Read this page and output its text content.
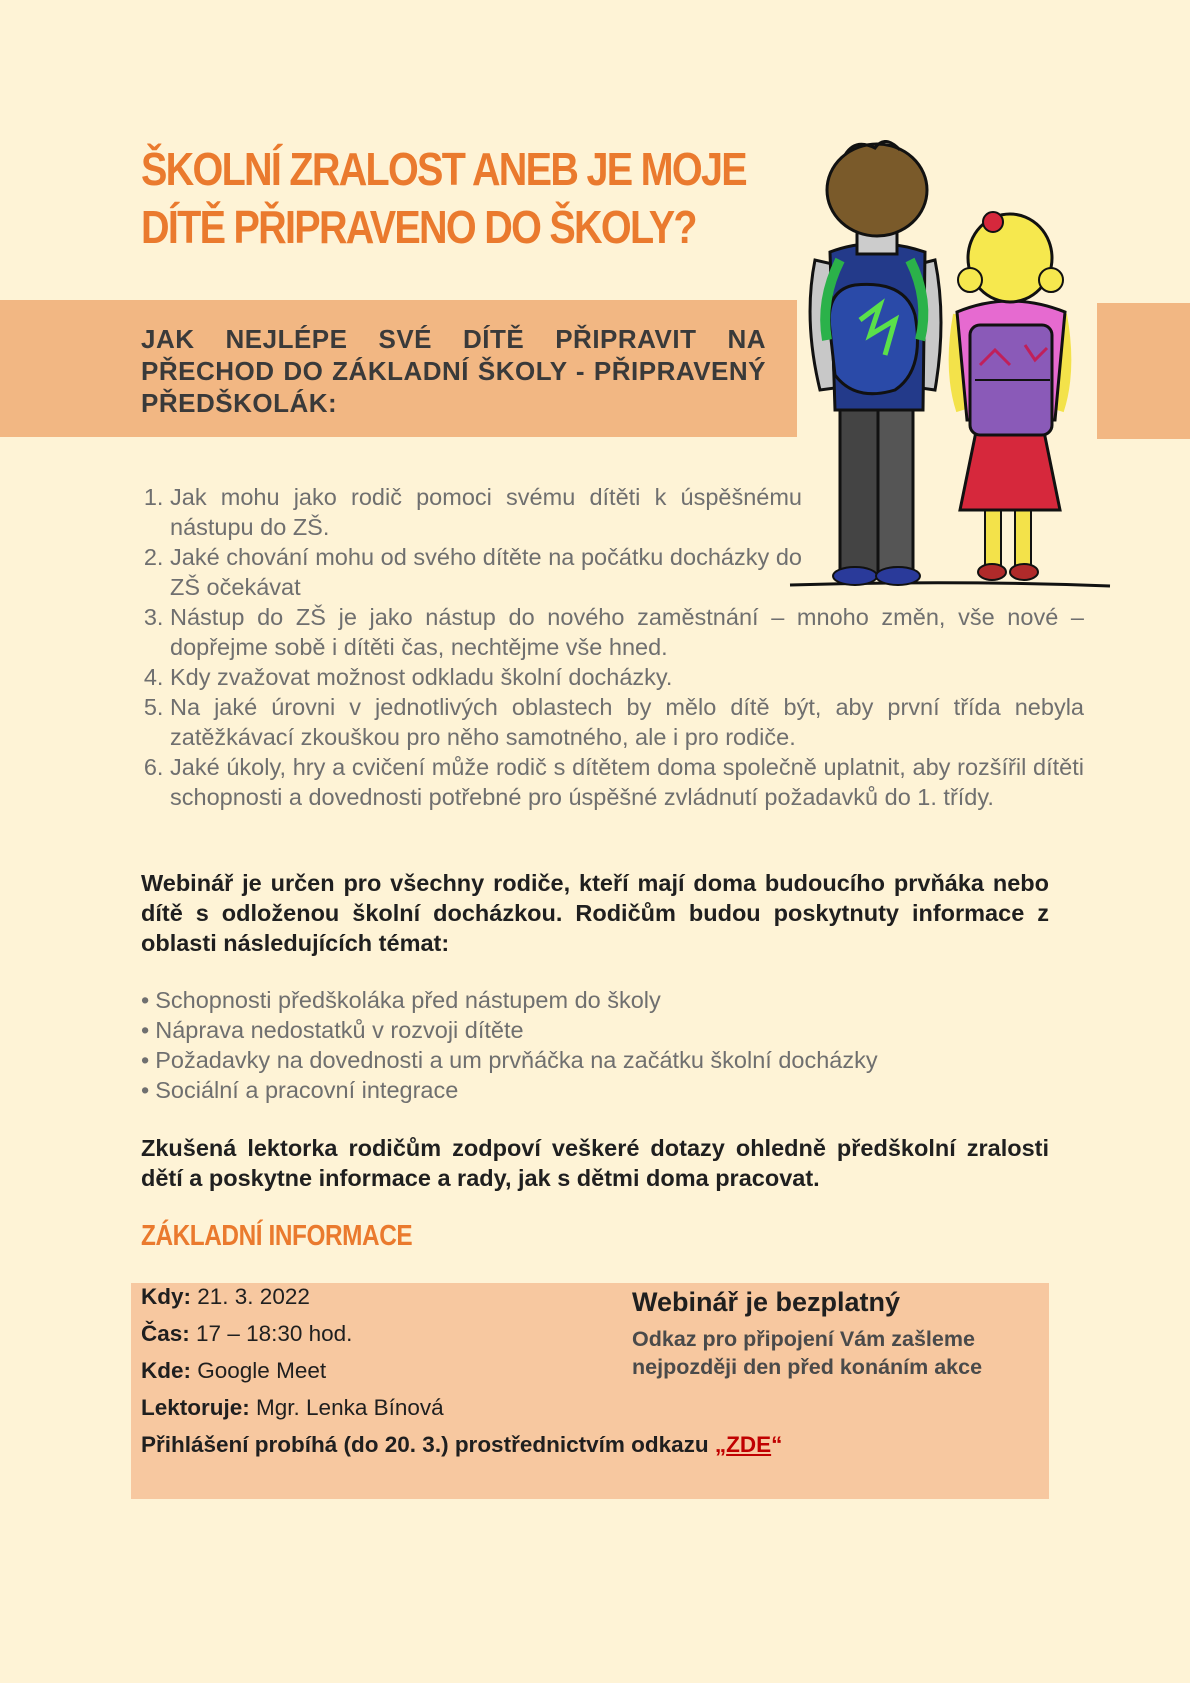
ŠKOLNÍ ZRALOST ANEB JE MOJE
DÍTĚ PŘIPRAVENO DO ŠKOLY?

JAK NEJLÉPE SVÉ DÍTĚ PŘIPRAVIT NA PŘECHOD DO ZÁKLADNÍ ŠKOLY - PŘIPRAVENÝ PŘEDŠKOLÁK:

1. Jak mohu jako rodič pomoci svému dítěti k úspěšnému nástupu do ZŠ.
2. Jaké chování mohu od svého dítěte na počátku docházky do ZŠ očekávat
3. Nástup do ZŠ je jako nástup do nového zaměstnání – mnoho změn, vše nové – dopřejme sobě i dítěti čas, nechtějme vše hned.
4. Kdy zvažovat možnost odkladu školní docházky.
5. Na jaké úrovni v jednotlivých oblastech by mělo dítě být, aby první třída nebyla zatěžkávací zkouškou pro něho samotného, ale i pro rodiče.
6. Jaké úkoly, hry a cvičení může rodič s dítětem doma společně uplatnit, aby rozšířil dítěti schopnosti a dovednosti potřebné pro úspěšné zvládnutí požadavků do 1. třídy.

Webinář je určen pro všechny rodiče, kteří mají doma budoucího prvňáka nebo dítě s odloženou školní docházkou. Rodičům budou poskytnuty informace z oblasti následujících témat:

• Schopnosti předškoláka před nástupem do školy
• Náprava nedostatků v rozvoji dítěte
• Požadavky na dovednosti a um prvňáčka na začátku školní docházky
• Sociální a pracovní integrace

Zkušená lektorka rodičům zodpoví veškeré dotazy ohledně předškolní zralosti dětí a poskytne informace a rady, jak s dětmi doma pracovat.

ZÁKLADNÍ INFORMACE
Kdy: 21. 3. 2022
Čas: 17 – 18:30 hod.
Kde: Google Meet
Lektoruje: Mgr. Lenka Bínová
Přihlášení probíhá (do 20. 3.) prostřednictvím odkazu „ZDE“

Webinář je bezplatný

Odkaz pro připojení Vám zašleme nejpozději den před konáním akce
